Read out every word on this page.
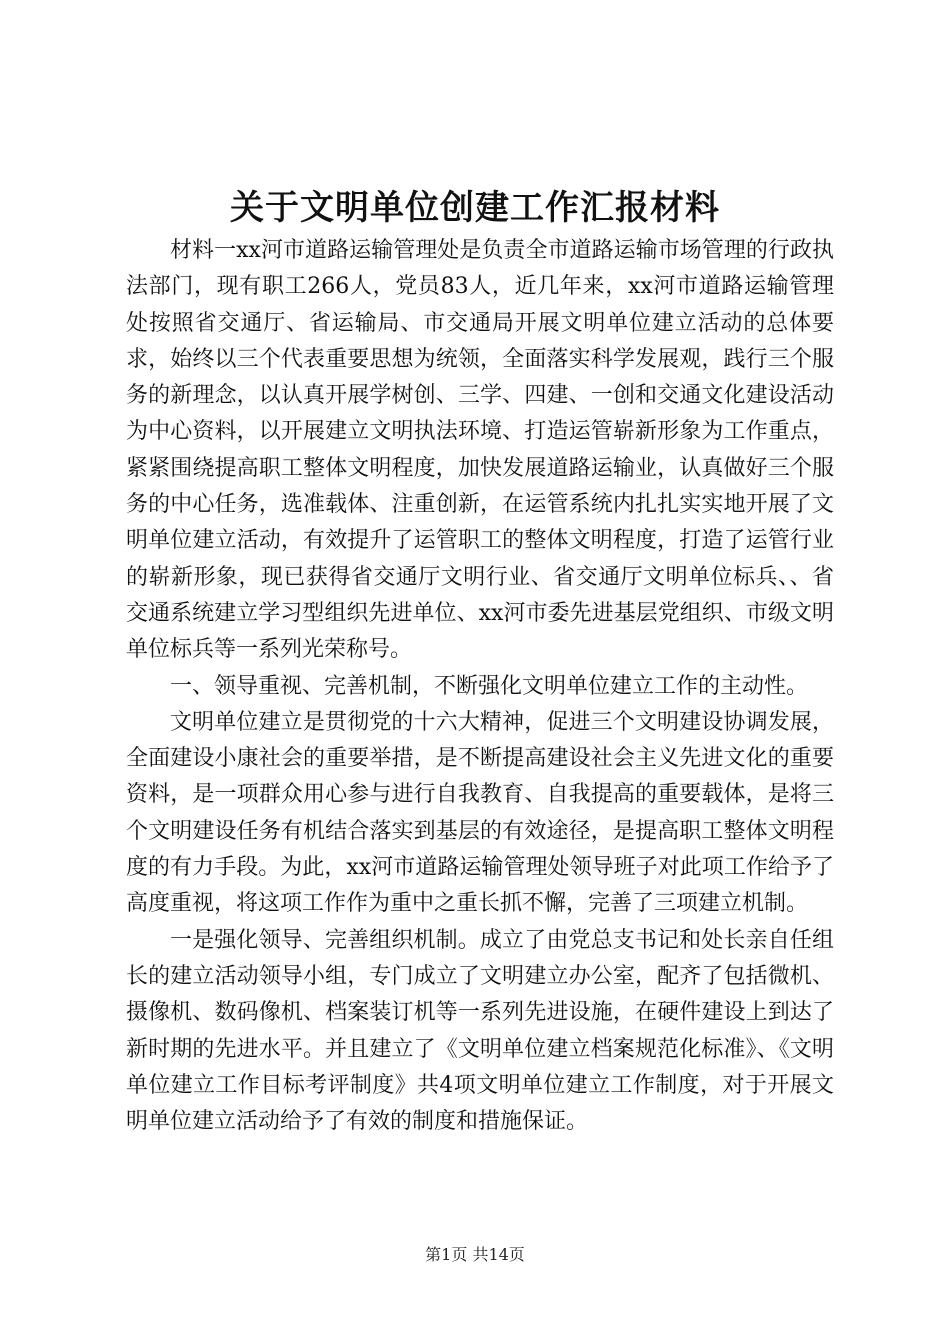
关于文明单位创建工作汇报材料

材料一xx河市道路运输管理处是负责全市道路运输市场管理的行政执法部门，现有职工266人，党员83人，近几年来，xx河市道路运输管理处按照省交通厅、省运输局、市交通局开展文明单位建立活动的总体要求，始终以三个代表重要思想为统领，全面落实科学发展观，践行三个服务的新理念，以认真开展学树创、三学、四建、一创和交通文化建设活动为中心资料，以开展建立文明执法环境、打造运管崭新形象为工作重点，紧紧围绕提高职工整体文明程度，加快发展道路运输业，认真做好三个服务的中心任务，选准载体、注重创新，在运管系统内扎扎实实地开展了文明单位建立活动，有效提升了运管职工的整体文明程度，打造了运管行业的崭新形象，现已获得省交通厅文明行业、省交通厅文明单位标兵、、省交通系统建立学习型组织先进单位、xx河市委先进基层党组织、市级文明单位标兵等一系列光荣称号。

一、领导重视、完善机制，不断强化文明单位建立工作的主动性。

文明单位建立是贯彻党的十六大精神，促进三个文明建设协调发展，全面建设小康社会的重要举措，是不断提高建设社会主义先进文化的重要资料，是一项群众用心参与进行自我教育、自我提高的重要载体，是将三个文明建设任务有机结合落实到基层的有效途径，是提高职工整体文明程度的有力手段。为此，xx河市道路运输管理处领导班子对此项工作给予了高度重视，将这项工作作为重中之重长抓不懈，完善了三项建立机制。

一是强化领导、完善组织机制。成立了由党总支书记和处长亲自任组长的建立活动领导小组，专门成立了文明建立办公室，配齐了包括微机、摄像机、数码像机、档案装订机等一系列先进设施，在硬件建设上到达了新时期的先进水平。并且建立了《文明单位建立档案规范化标准》、《文明单位建立工作目标考评制度》共4项文明单位建立工作制度，对于开展文明单位建立活动给予了有效的制度和措施保证。

第1页 共14页
